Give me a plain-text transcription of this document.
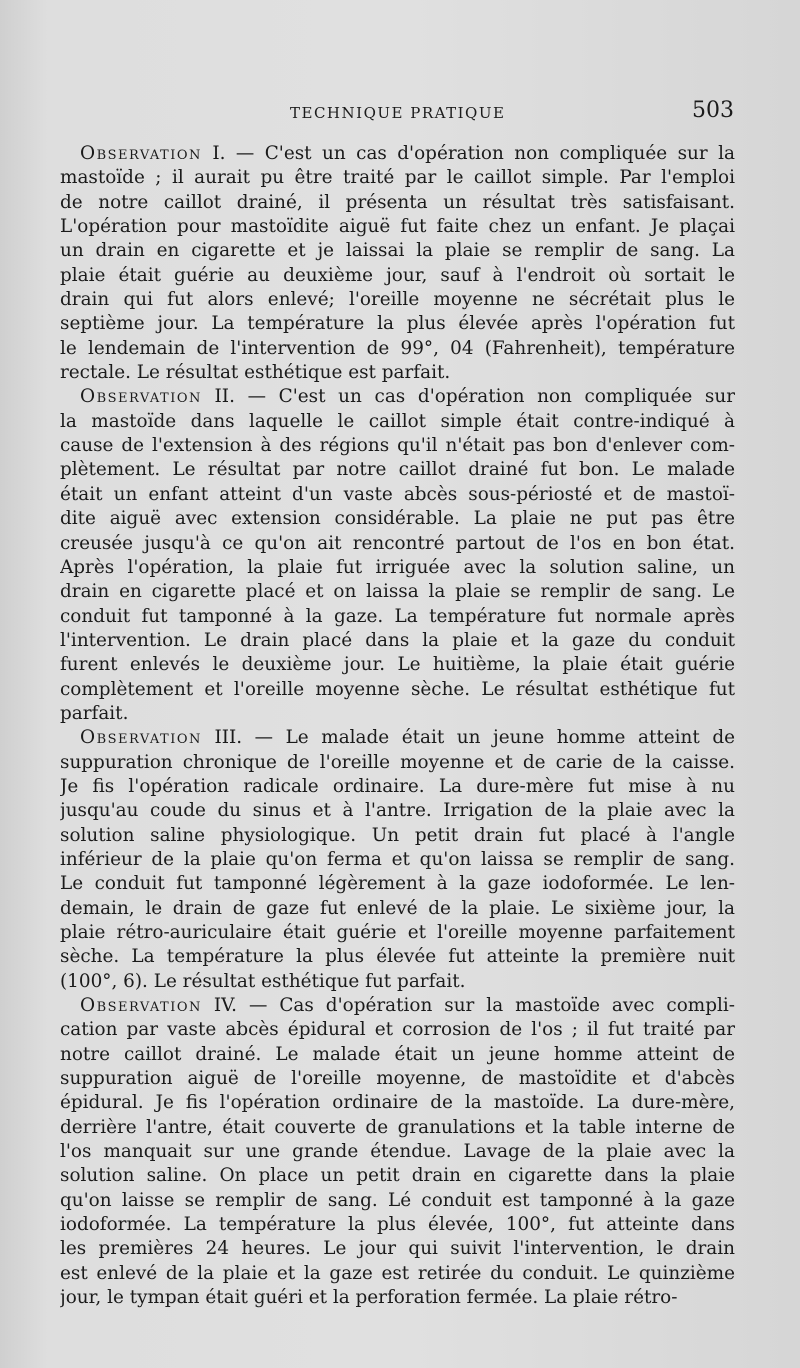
TECHNIQUE PRATIQUE	503
Observation I. — C'est un cas d'opération non compliquée sur la
mastoïde ; il aurait pu être traité par le caillot simple. Par l'emploi
de notre caillot drainé, il présenta un résultat très satisfaisant.
L'opération pour mastoïdite aiguë fut faite chez un enfant. Je plaçai
un drain en cigarette et je laissai la plaie se remplir de sang. La
plaie était guérie au deuxième jour, sauf à l'endroit où sortait le
drain qui fut alors enlevé; l'oreille moyenne ne sécrétait plus le
septième jour. La température la plus élevée après l'opération fut
le lendemain de l'intervention de 99°, 04 (Fahrenheit), température
rectale. Le résultat esthétique est parfait.
Observation II. — C'est un cas d'opération non compliquée sur
la mastoïde dans laquelle le caillot simple était contre-indiqué à
cause de l'extension à des régions qu'il n'était pas bon d'enlever com-
plètement. Le résultat par notre caillot drainé fut bon. Le malade
était un enfant atteint d'un vaste abcès sous-périosté et de mastoï-
dite aiguë avec extension considérable. La plaie ne put pas être
creusée jusqu'à ce qu'on ait rencontré partout de l'os en bon état.
Après l'opération, la plaie fut irriguée avec la solution saline, un
drain en cigarette placé et on laissa la plaie se remplir de sang. Le
conduit fut tamponné à la gaze. La température fut normale après
l'intervention. Le drain placé dans la plaie et la gaze du conduit
furent enlevés le deuxième jour. Le huitième, la plaie était guérie
complètement et l'oreille moyenne sèche. Le résultat esthétique fut
parfait.
Observation III. — Le malade était un jeune homme atteint de
suppuration chronique de l'oreille moyenne et de carie de la caisse.
Je fis l'opération radicale ordinaire. La dure-mère fut mise à nu
jusqu'au coude du sinus et à l'antre. Irrigation de la plaie avec la
solution saline physiologique. Un petit drain fut placé à l'angle
inférieur de la plaie qu'on ferma et qu'on laissa se remplir de sang.
Le conduit fut tamponné légèrement à la gaze iodoformée. Le len-
demain, le drain de gaze fut enlevé de la plaie. Le sixième jour, la
plaie rétro-auriculaire était guérie et l'oreille moyenne parfaitement
sèche. La température la plus élevée fut atteinte la première nuit
(100°, 6). Le résultat esthétique fut parfait.
Observation IV. — Cas d'opération sur la mastoïde avec compli-
cation par vaste abcès épidural et corrosion de l'os ; il fut traité par
notre caillot drainé. Le malade était un jeune homme atteint de
suppuration aiguë de l'oreille moyenne, de mastoïdite et d'abcès
épidural. Je fis l'opération ordinaire de la mastoïde. La dure-mère,
derrière l'antre, était couverte de granulations et la table interne de
l'os manquait sur une grande étendue. Lavage de la plaie avec la
solution saline. On place un petit drain en cigarette dans la plaie
qu'on laisse se remplir de sang. Lé conduit est tamponné à la gaze
iodoformée. La température la plus élevée, 100°, fut atteinte dans
les premières 24 heures. Le jour qui suivit l'intervention, le drain
est enlevé de la plaie et la gaze est retirée du conduit. Le quinzième
jour, le tympan était guéri et la perforation fermée. La plaie rétro-
